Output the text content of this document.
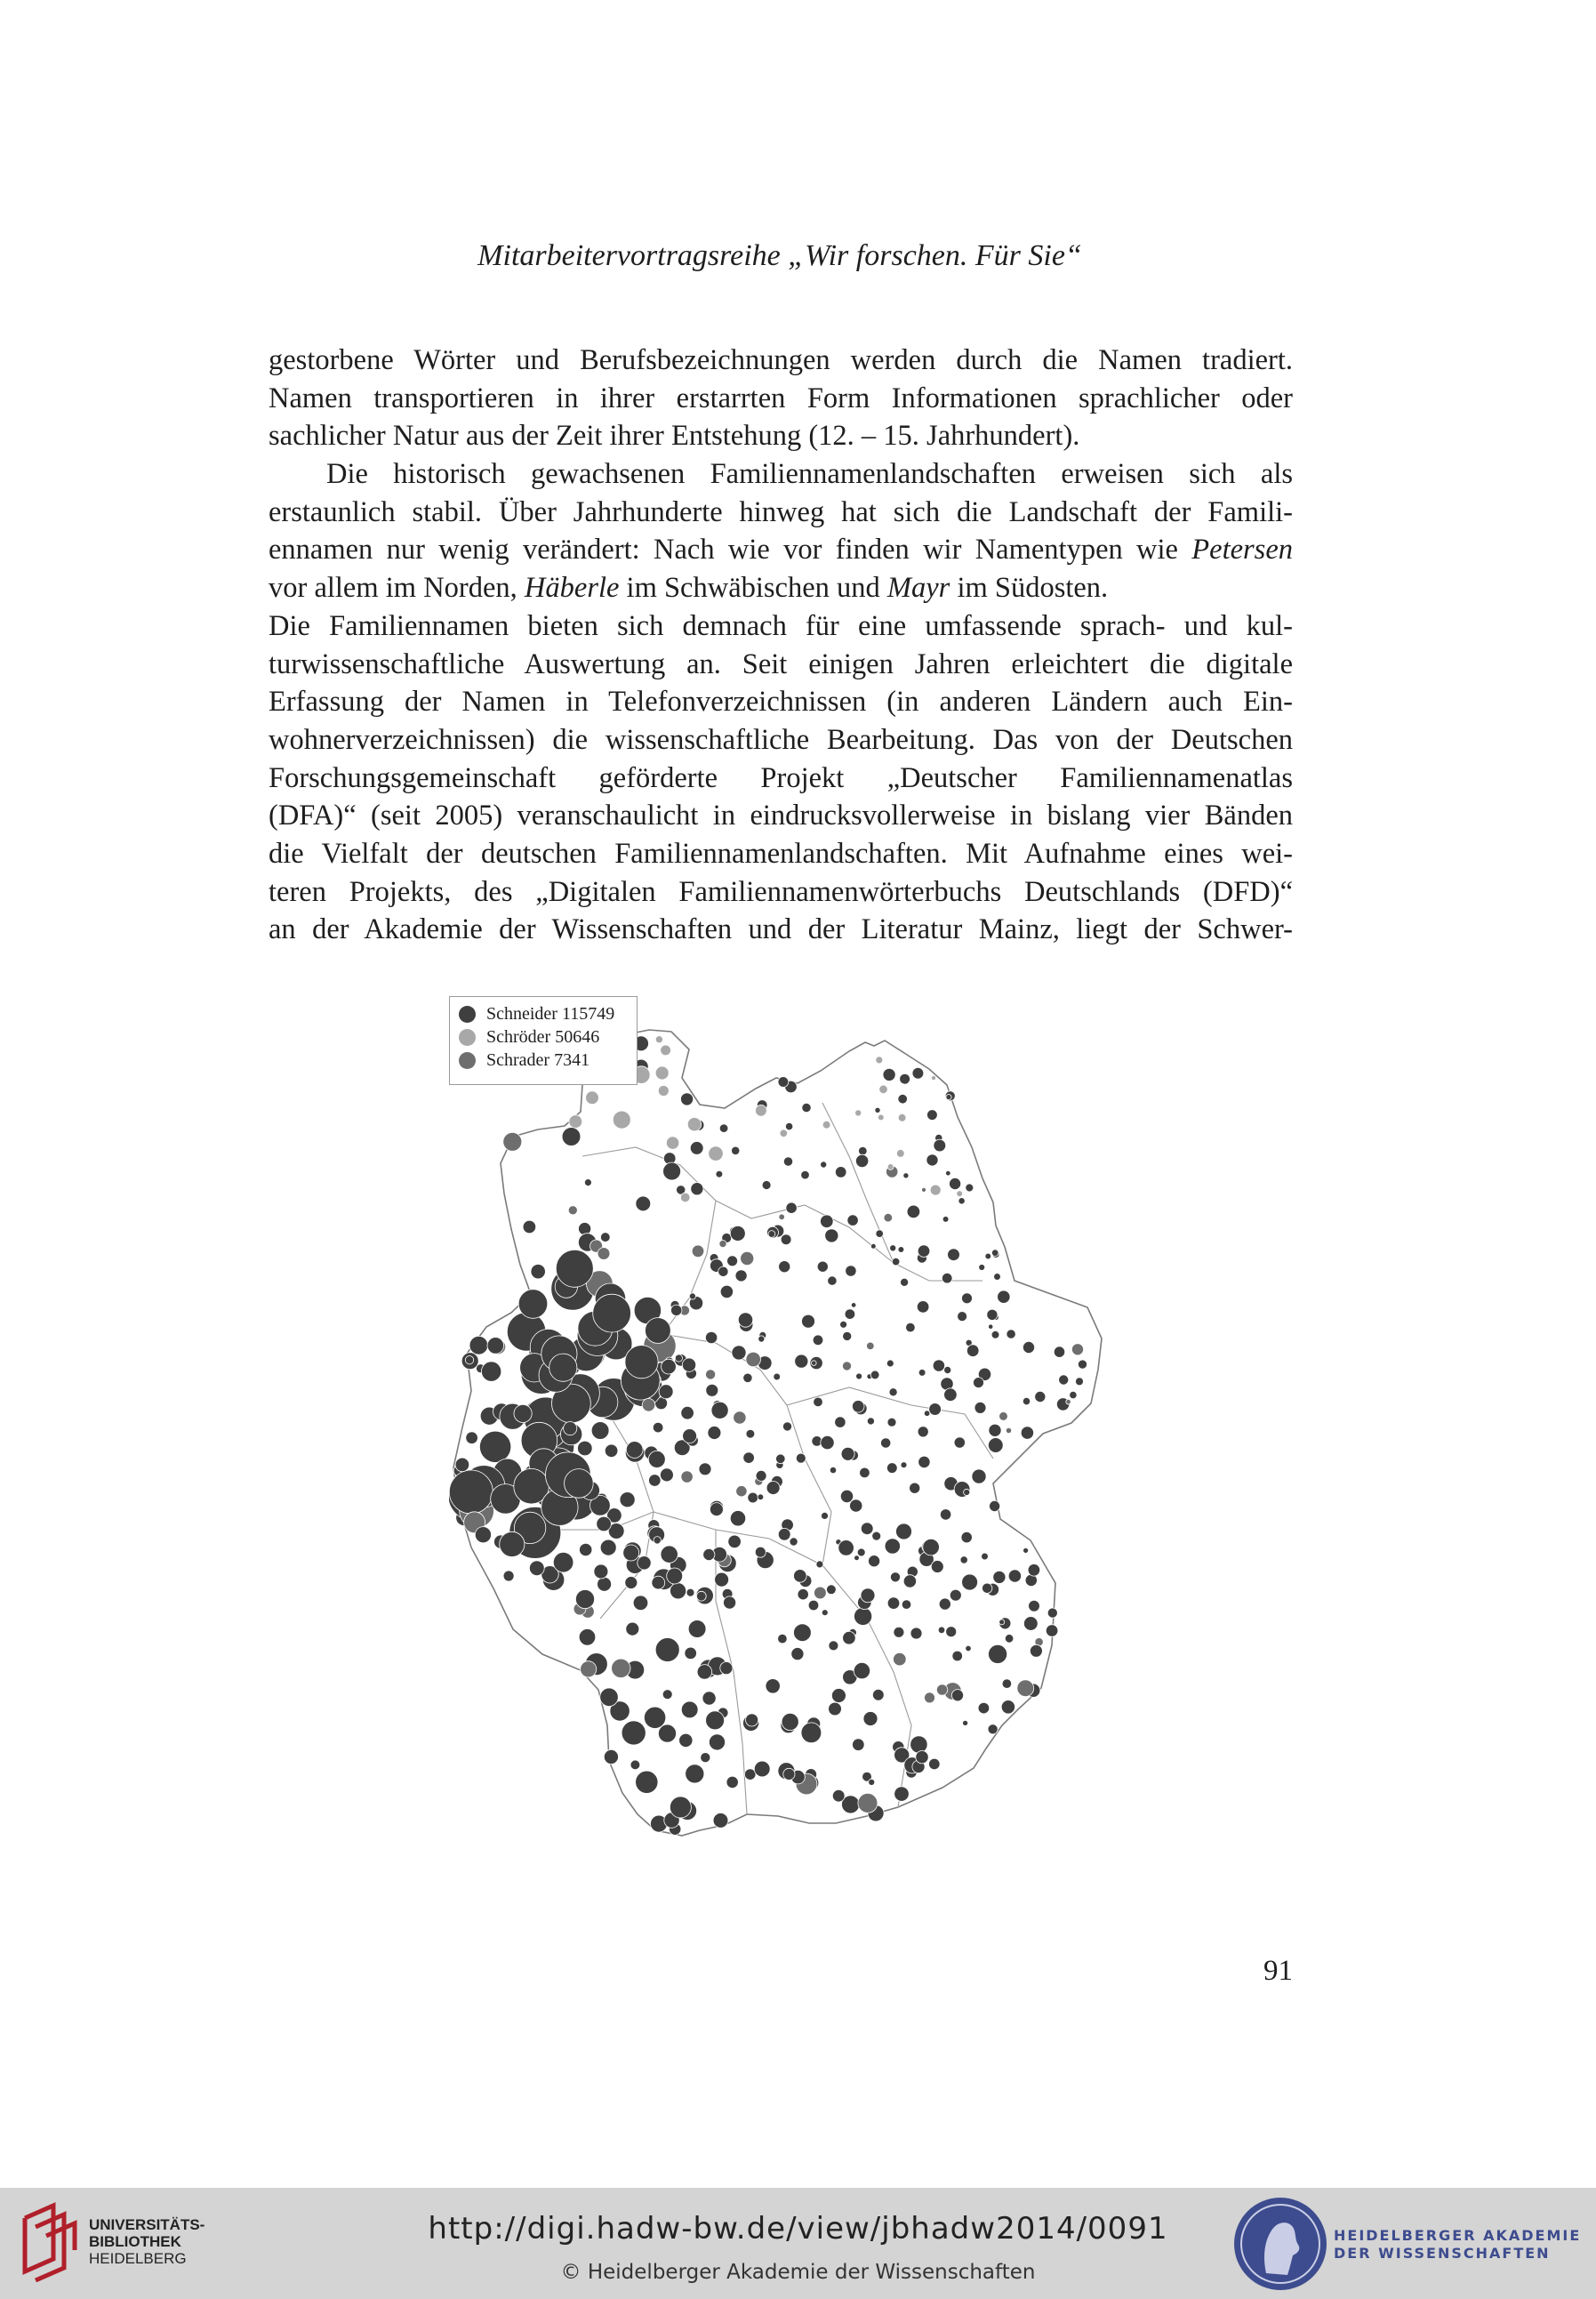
Mitarbeitervortragsreihe „Wir forschen. Für Sie“
gestorbene Wörter und Berufsbezeichnungen werden durch die Namen tradiert.
Namen transportieren in ihrer erstarrten Form Informationen sprachlicher oder
sachlicher Natur aus der Zeit ihrer Entstehung (12. – 15. Jahrhundert).
Die historisch gewachsenen Familiennamenlandschaften erweisen sich als
erstaunlich stabil. Über Jahrhunderte hinweg hat sich die Landschaft der Famili-
ennamen nur wenig verändert: Nach wie vor finden wir Namentypen wie Petersen
vor allem im Norden, Häberle im Schwäbischen und Mayr im Südosten.
Die Familiennamen bieten sich demnach für eine umfassende sprach- und kul-
turwissenschaftliche Auswertung an. Seit einigen Jahren erleichtert die digitale
Erfassung der Namen in Telefonverzeichnissen (in anderen Ländern auch Ein-
wohnerverzeichnissen) die wissenschaftliche Bearbeitung. Das von der Deutschen
Forschungsgemeinschaft geförderte Projekt „Deutscher Familiennamenatlas
(DFA)“ (seit 2005) veranschaulicht in eindrucksvollerweise in bislang vier Bänden
die Vielfalt der deutschen Familiennamenlandschaften. Mit Aufnahme eines wei-
teren Projekts, des „Digitalen Familiennamenwörterbuchs Deutschlands (DFD)“
an der Akademie der Wissenschaften und der Literatur Mainz, liegt der Schwer-
Schneider 115749
Schröder 50646
Schrader 7341
91
UNIVERSITÄTS-
BIBLIOTHEK
HEIDELBERG
http://digi.hadw-bw.de/view/jbhadw2014/0091
© Heidelberger Akademie der Wissenschaften
HEIDELBERGER AKADEMIE
DER WISSENSCHAFTEN
